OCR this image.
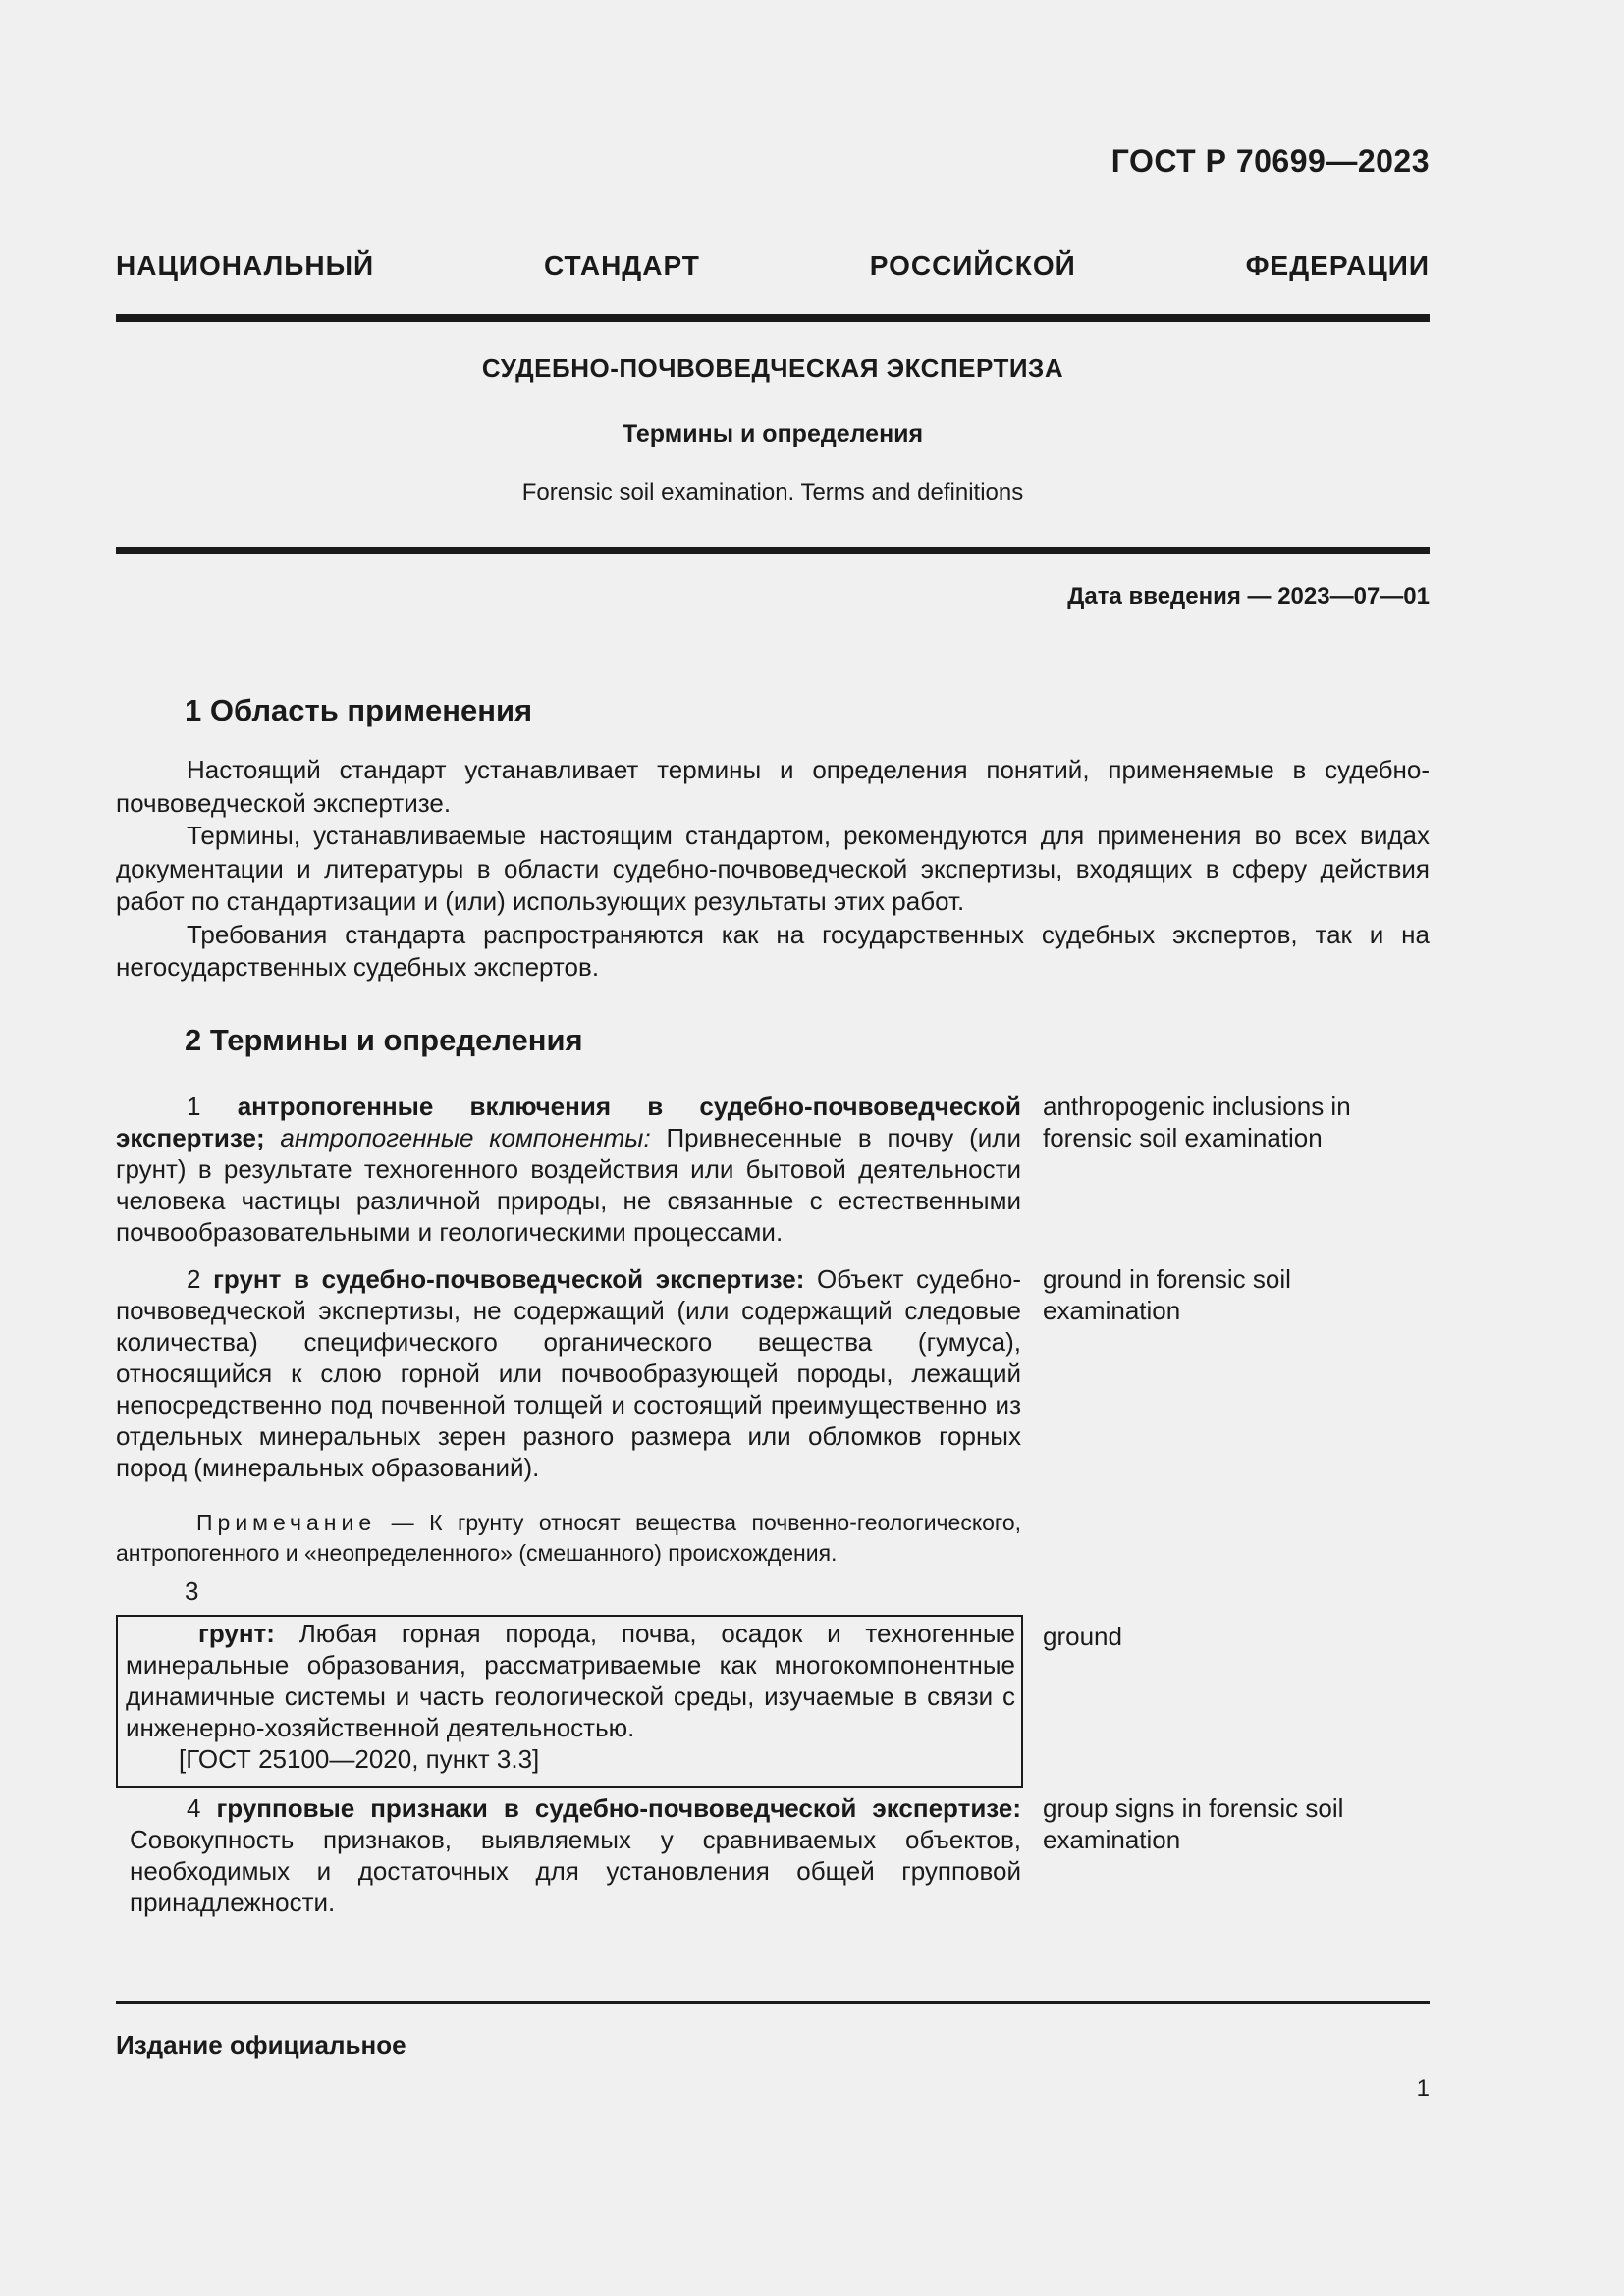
ГОСТ Р 70699—2023
НАЦИОНАЛЬНЫЙ СТАНДАРТ РОССИЙСКОЙ ФЕДЕРАЦИИ
СУДЕБНО-ПОЧВОВЕДЧЕСКАЯ ЭКСПЕРТИЗА
Термины и определения
Forensic soil examination. Terms and definitions
Дата введения — 2023—07—01
1 Область применения

Настоящий стандарт устанавливает термины и определения понятий, применяемые в судебно-почвоведческой экспертизе.

Термины, устанавливаемые настоящим стандартом, рекомендуются для применения во всех видах документации и литературы в области судебно-почвоведческой экспертизы, входящих в сферу действия работ по стандартизации и (или) использующих результаты этих работ.

Требования стандарта распространяются как на государственных судебных экспертов, так и на негосударственных судебных экспертов.

2 Термины и определения

1 антропогенные включения в судебно-почвоведческой экспертизе; антропогенные компоненты: Привнесенные в почву (или грунт) в результате техногенного воздействия или бытовой деятельности человека частицы различной природы, не связанные с естественными почвообразовательными и геологическими процессами.

anthropogenic inclusions in forensic soil examination

2 грунт в судебно-почвоведческой экспертизе: Объект судебно-почвоведческой экспертизы, не содержащий (или содержащий следовые количества) специфического органического вещества (гумуса), относящийся к слою горной или почвообразующей породы, лежащий непосредственно под почвенной толщей и состоящий преимущественно из отдельных минеральных зерен разного размера или обломков горных пород (минеральных образований).

ground in forensic soil examination

Примечание — К грунту относят вещества почвенно-геологического, антропогенного и «неопределенного» (смешанного) происхождения.

3

грунт: Любая горная порода, почва, осадок и техногенные минеральные образования, рассматриваемые как многокомпонентные динамичные системы и часть геологической среды, изучаемые в связи с инженерно-хозяйственной деятельностью.

[ГОСТ 25100—2020, пункт 3.3]

ground

4 групповые признаки в судебно-почвоведческой экспертизе: Совокупность признаков, выявляемых у сравниваемых объектов, необходимых и достаточных для установления общей групповой принадлежности.

group signs in forensic soil examination
Издание официальное
1
